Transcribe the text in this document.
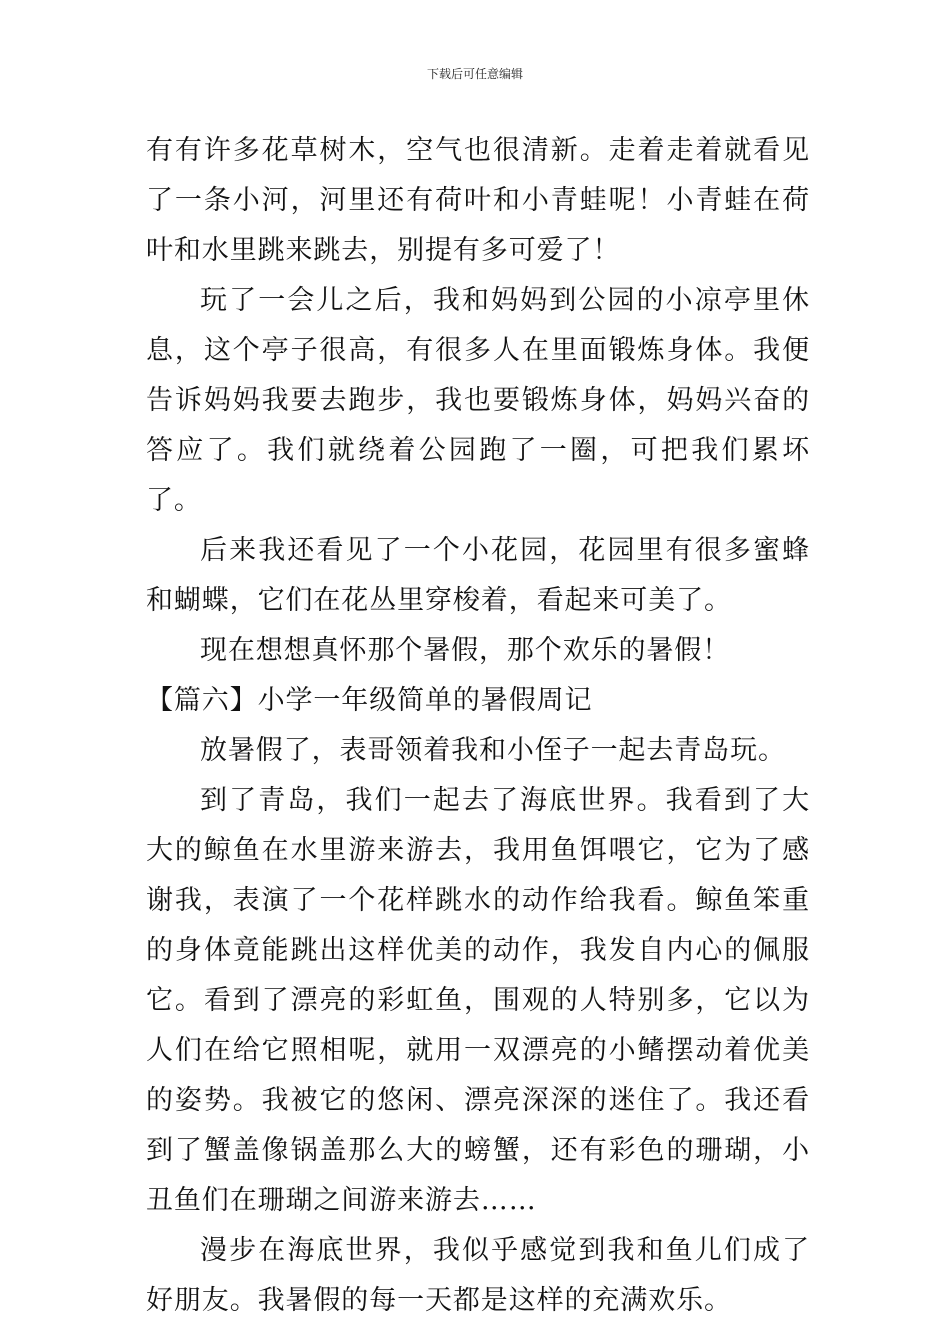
下载后可任意编辑

有有许多花草树木，空气也很清新。走着走着就看见了一条小河，河里还有荷叶和小青蛙呢！小青蛙在荷叶和水里跳来跳去，别提有多可爱了！

玩了一会儿之后，我和妈妈到公园的小凉亭里休息，这个亭子很高，有很多人在里面锻炼身体。我便告诉妈妈我要去跑步，我也要锻炼身体，妈妈兴奋的答应了。我们就绕着公园跑了一圈，可把我们累坏了。

后来我还看见了一个小花园，花园里有很多蜜蜂和蝴蝶，它们在花丛里穿梭着，看起来可美了。

现在想想真怀那个暑假，那个欢乐的暑假！

【篇六】小学一年级简单的暑假周记

放暑假了，表哥领着我和小侄子一起去青岛玩。

到了青岛，我们一起去了海底世界。我看到了大大的鲸鱼在水里游来游去，我用鱼饵喂它，它为了感谢我，表演了一个花样跳水的动作给我看。鲸鱼笨重的身体竟能跳出这样优美的动作，我发自内心的佩服它。看到了漂亮的彩虹鱼，围观的人特别多，它以为人们在给它照相呢，就用一双漂亮的小鳍摆动着优美的姿势。我被它的悠闲、漂亮深深的迷住了。我还看到了蟹盖像锅盖那么大的螃蟹，还有彩色的珊瑚，小丑鱼们在珊瑚之间游来游去……

漫步在海底世界，我似乎感觉到我和鱼儿们成了好朋友。我暑假的每一天都是这样的充满欢乐。
